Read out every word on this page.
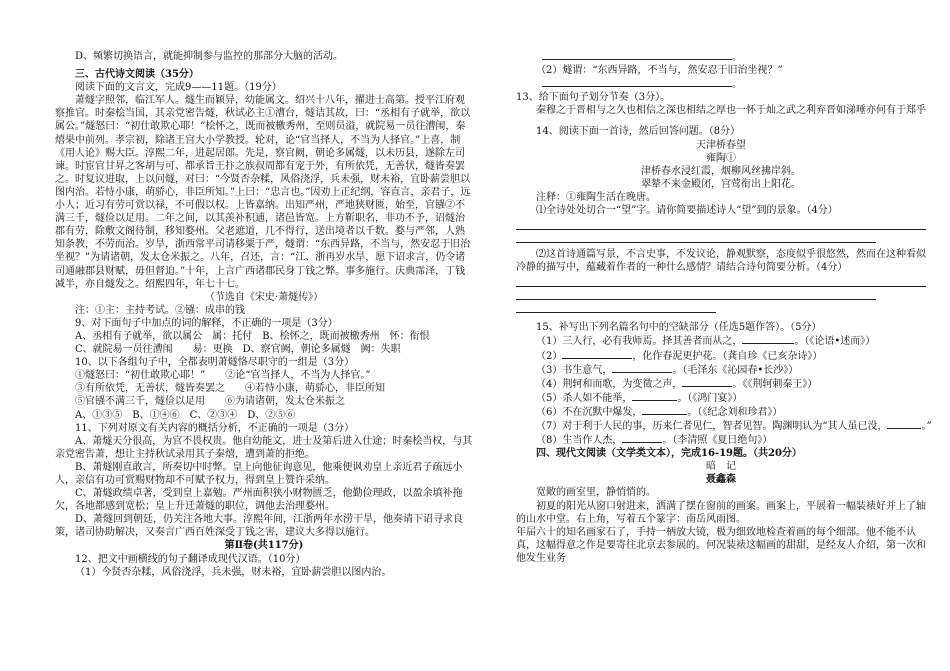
D、频繁切换语言，就能抑制参与监控的那部分大脑的活动。

三、古代诗文阅读（35分）

阅读下面的文言文，完成9——11题。（19分）

萧燧字照邻，临江军人。燧生而颖异，幼能属文。绍兴十八年，擢进士高第。授平江府观察推官。时秦桧当国，其亲党密告燧，秋试必主①漕台，燧诘其故，曰：“丞相有子就举，欲以属公。”燧怒曰：“初仕敢欺心耶！”桧怀之，既而被檄秀州，至则员溢，就院易一员往漕闱，秦熺果中前列。孝宗初，除诸王宫大小学教授。轮对，论“官当择人，不当为人择官。”上喜，制《用人论》赐大臣。淳熙二年，进起居郎。先是，察官阙，朝论多属燧，以未历县，遂除左司谏。时宦官甘昇之客胡与可、都承旨王抃之族叔周都有宠于外，有所依凭，无善状，燧皆奏罢之。时复议进取，上以问燧，对曰：“今贤否杂糅，风俗浇浮，兵未强，财未裕，宜卧薪尝胆以图内治。若恃小康，萌骄心，非臣所知。”上曰：“忠言也。”因劝上正纪纲，容直言，亲君子，远小人；近习有劳可赏以禄，不可假以权。上皆嘉纳。出知严州，严地狭财匮，始至，官镪②不满三千，燧俭以足用。二年之间，以其羡补积逋，诸邑皆宽。上方靳职名，非功不予，诏燧治郡有劳，除敷文阁待制，移知婺州。父老遮道，几不得行，送出境者以千数。婺与严邻，人熟知条教，不劳而治。岁旱，浙西常平司请移粟于严，燧谓：“东西异路，不当与，然安忍于旧治坐视？”为请诸朝，发太仓米振之。八年，召还，言：“江、浙再岁水旱，愿下诏求言，仍令诸司通融郡县财赋，毋但督迫。”十年，上言广西诸郡民身丁钱之弊。事多施行。庆典霈泽，丁钱减半，亦自燧发之。绍熙四年，年七十七。

（节选自《宋史·萧燧传》）

注：①主：主持考试。②镪：成串的钱

9、对下面句子中加点的词的解释，不正确的一项是（3分）

A、丞相有子就举，欲以属公　属：托付　B、桧怀之，既而被檄秀州　怀：衔恨

C、就院易一员往漕闱　　易：更换　D、察官阙，朝论多属燧　阙：失职

10、以下各组句子中，全都表明萧燧恪尽职守的一组是（3分）

①燧怒曰：“初仕敢欺心耶！”　　②论“官当择人，不当为人择官。”

③有所依凭，无善状，燧皆奏罢之　　④若恃小康，萌骄心，非臣所知

⑤官镪不满三千，燧俭以足用　　⑥为请诸朝，发太仓米振之

A、①③⑤　B、①④⑥　C、②③④　D、②⑤⑥

11、下列对原文有关内容的概括分析，不正确的一项是（3分）

A、萧燧天分很高，为官不畏权贵。他自幼能文，进士及第后进入仕途；时秦桧当权，与其亲党密告萧，想让主持秋试录用其子秦熺，遭到萧的拒绝。

B、萧燧刚直敢言，所奏切中时弊。皇上向他征询意见，他乘便讽劝皇上亲近君子疏远小人，亲信有功可赏赐财物却不可赋予权力，得到皇上赞许采纳。

C、萧燧政绩卓著，受到皇上嘉勉。严州面积狭小财物匮乏，他勤俭理政，以盈余填补拖欠，各地都感到宽松；皇上升迁萧燧的职位，调他去治理婺州。

D、萧燧回到朝廷，仍关注各地大事。淳熙年间，江浙两年水涝干旱，他奏请下诏寻求良策，诸司协助解决，又奏言广西百姓深受丁钱之害，建议大多得以施行。

第Ⅱ卷(共117分)

12、把文中画横线的句子翻译成现代汉语。（10分）

（1）今贤否杂糅，风俗浇浮，兵未强，财未裕，宜卧薪尝胆以图内治。

。

（2）燧谓：“东西异路，不当与，然安忍于旧治坐视？”

。

13、给下面句子划分节奏（3分）。

秦穆之于晋相与之久也相信之深也相结之厚也一怀于灿之武之利弃晋如涕唾亦何有于郑乎

14、阅读下面一首诗，然后回答问题。（8分）

天津桥春望

雍陶①

津桥春水浸红霞，烟柳风丝拂岸斜。

翠辇不来金殿闭，宫莺衔出上阳花。

注释：①雍陶生活在晚唐。

⑴全诗处处切合一“望”字。请你简要描述诗人“望”到的景象。（4分）

⑵这首诗通篇写景，不言史事，不发议论，静观默察，态度似乎很悠然，然而在这种看似冷静的描写中，蕴藏着作者的一种什么感情？请结合诗句简要分析。（4分）

15、补写出下列名篇名句中的空缺部分（任选5题作答）。（5分）

（1）三人行，必有我师焉。择其善者而从之，	。（《论语•述而》）

（2）	，化作春泥更护花。（龚自珍《已亥杂诗》）

（3）书生意气，	。（毛泽东《沁园春•长沙》）

（4）荆轲和而歌，为变徵之声，	。《《荆轲刺秦王》）

（5）杀人如不能举，	。（《鸿门宴》）

（6）不在沉默中爆发，	。（《纪念刘和珍君》）

（7）对于利于人民的事，历来仁者见仁，智者见智。陶渊明认为“其人虽已没，	。”

（8）生当作人杰，	。（李清照《夏日绝句》）

四、现代文阅读（文学类文本），完成16-19题。（共20分）

暗　记

聂鑫森

宽敞的画室里，静悄悄的。

初夏的阳光从窗口射进来，洒满了摆在窗前的画案。画案上，平展着一幅装裱好并上了轴的山水中堂。右上角，写着五个篆字：南岳风雨图。

年届六十的知名画家石了，手持一柄放大镜，极为细致地检查着画的每个细部。他不能不认真，这幅得意之作是要寄往北京去参展的。何况装裱这幅画的甜甜，是经友人介绍，第一次和他发生业务
